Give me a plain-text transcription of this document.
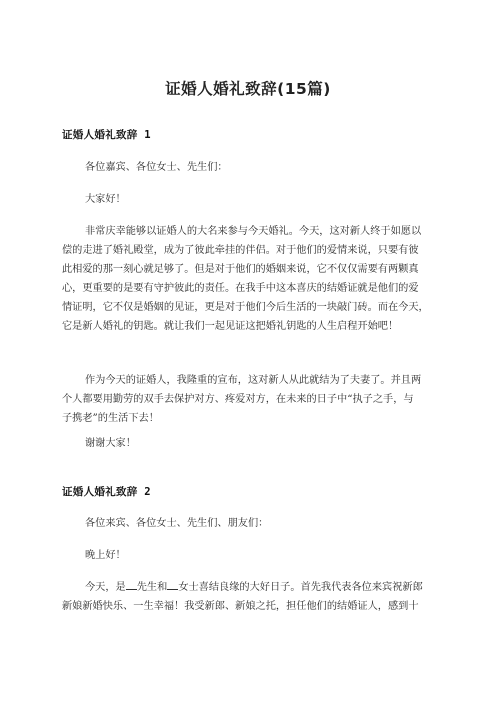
证婚人婚礼致辞(15篇)
证婚人婚礼致辞 1

各位嘉宾、各位女士、先生们：

大家好！

非常庆幸能够以证婚人的大名来参与今天婚礼。今天，这对新人终于如愿以
偿的走进了婚礼殿堂，成为了彼此牵挂的伴侣。对于他们的爱情来说，只要有彼
此相爱的那一刻心就足够了。但是对于他们的婚姻来说，它不仅仅需要有两颗真
心，更重要的是要有守护彼此的责任。在我手中这本喜庆的结婚证就是他们的爱
情证明，它不仅是婚姻的见证，更是对于他们今后生活的一块敲门砖。而在今天，
它是新人婚礼的钥匙。就让我们一起见证这把婚礼钥匙的人生启程开始吧！

作为今天的证婚人，我隆重的宣布，这对新人从此就结为了夫妻了。并且两
个人都要用勤劳的双手去保护对方、疼爱对方，在未来的日子中“执子之手，与
子携老”的生活下去！

谢谢大家！

证婚人婚礼致辞 2

各位来宾、各位女士、先生们、朋友们：

晚上好！

今天，是 先生和 女士喜结良缘的大好日子。首先我代表各位来宾祝新郎
新娘新婚快乐、一生幸福！我受新郎、新娘之托，担任他们的结婚证人，感到十
